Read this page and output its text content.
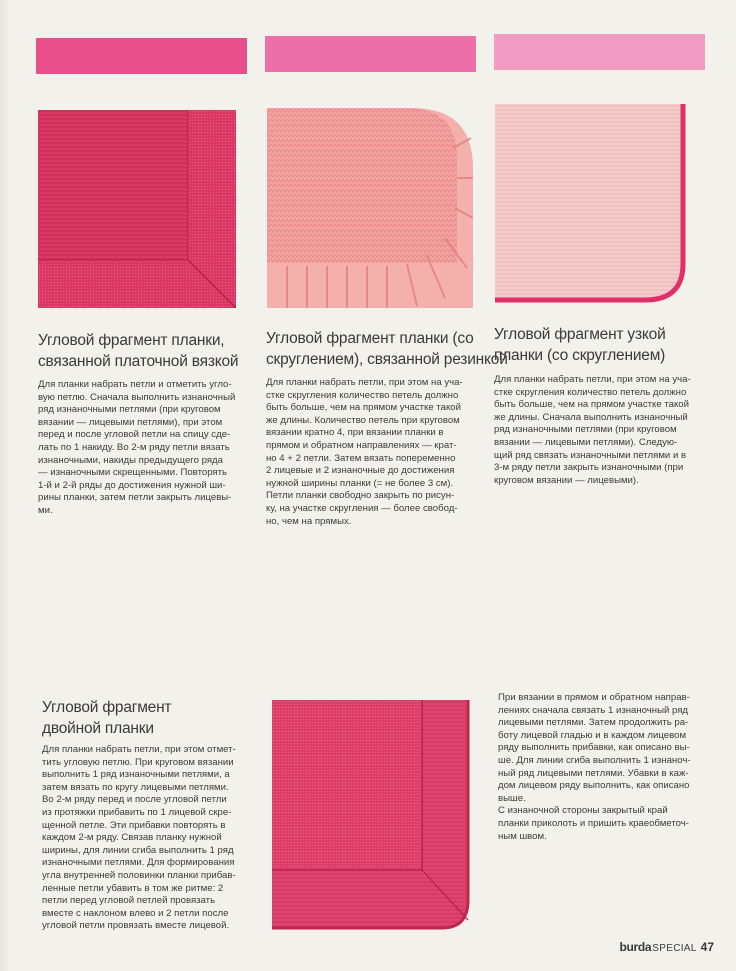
Угловой фрагмент планки,
связанной платочной вязкой
Для планки набрать петли и отметить угло-
вую петлю. Сначала выполнить изнаночный
ряд изнаночными петлями (при круговом
вязании — лицевыми петлями), при этом
перед и после угловой петли на спицу сде-
лать по 1 накиду. Во 2-м ряду петли вязать
изнаночными, накиды предыдущего ряда
— изнаночными скрещенными. Повторять
1-й и 2-й ряды до достижения нужной ши-
рины планки, затем петли закрыть лицевы-
ми.
Угловой фрагмент планки (со
скруглением), связанной резинкой
Для планки набрать петли, при этом на уча-
стке скругления количество петель должно
быть больше, чем на прямом участке такой
же длины. Количество петель при круговом
вязании кратно 4, при вязании планки в
прямом и обратном направлениях — крат-
но 4 + 2 петли. Затем вязать попеременно
2 лицевые и 2 изнаночные до достижения
нужной ширины планки (= не более 3 см).
Петли планки свободно закрыть по рисун-
ку, на участке скругления — более свобод-
но, чем на прямых.
Угловой фрагмент узкой
планки (со скруглением)
Для планки набрать петли, при этом на уча-
стке скругления количество петель должно
быть больше, чем на прямом участке такой
же длины. Сначала выполнить изнаночный
ряд изнаночными петлями (при круговом
вязании — лицевыми петлями). Следую-
щий ряд связать изнаночными петлями и в
3-м ряду петли закрыть изнаночными (при
круговом вязании — лицевыми).
Угловой фрагмент
двойной планки
Для планки набрать петли, при этом отмет-
тить угловую петлю. При круговом вязании
выполнить 1 ряд изнаночными петлями, а
затем вязать по кругу лицевыми петлями.
Во 2-м ряду перед и после угловой петли
из протяжки прибавить по 1 лицевой скре-
щенной петле. Эти прибавки повторять в
каждом 2-м ряду. Связав планку нужной
ширины, для линии сгиба выполнить 1 ряд
изнаночными петлями. Для формирования
угла внутренней половинки планки прибав-
ленные петли убавить в том же ритме: 2
петли перед угловой петлей провязать
вместе с наклоном влево и 2 петли после
угловой петли провязать вместе лицевой.
При вязании в прямом и обратном направ-
лениях сначала связать 1 изнаночный ряд
лицевыми петлями. Затем продолжить ра-
боту лицевой гладью и в каждом лицевом
ряду выполнить прибавки, как описано вы-
ше. Для линии сгиба выполнить 1 изнаноч-
ный ряд лицевыми петлями. Убавки в каж-
дом лицевом ряду выполнить, как описано
выше.
С изнаночной стороны закрытый край
планки приколоть и пришить краеобметоч-
ным швом.
burdaSPECIAL 47
